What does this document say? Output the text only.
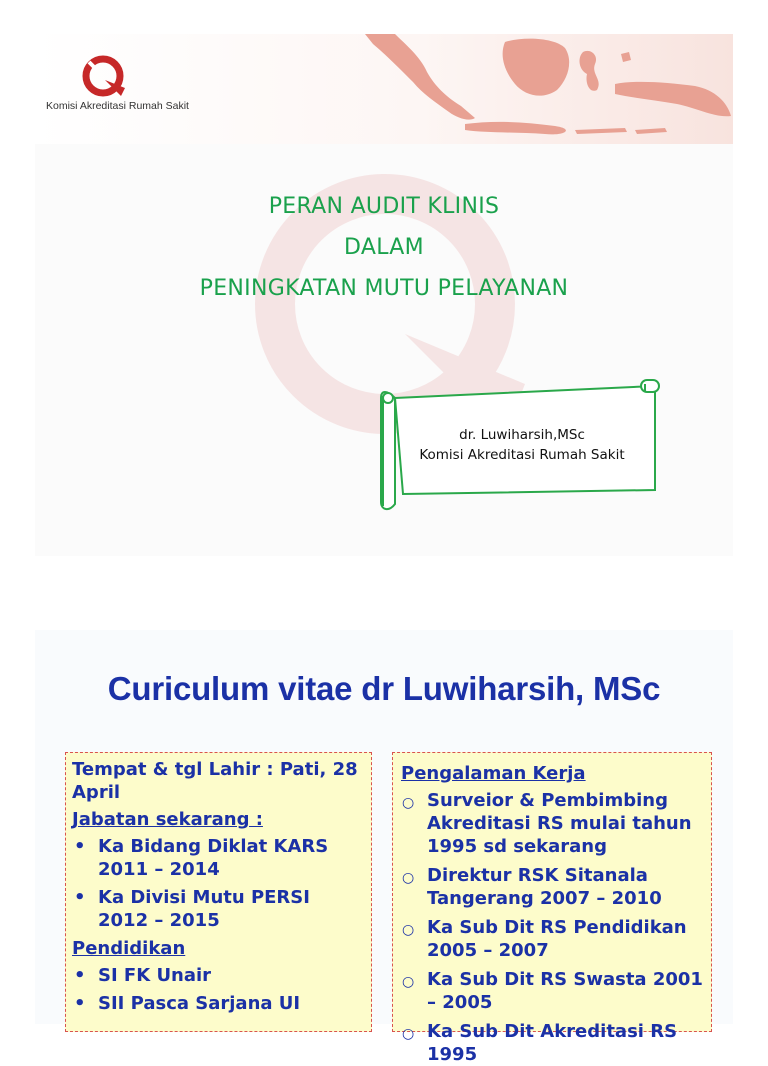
Komisi Akreditasi Rumah Sakit
PERAN AUDIT KLINIS
DALAM
PENINGKATAN MUTU PELAYANAN
dr. Luwiharsih,MSc
Komisi Akreditasi Rumah Sakit
Curiculum vitae dr Luwiharsih, MSc
Tempat & tgl Lahir : Pati, 28 April
Jabatan sekarang :
• Ka Bidang Diklat KARS 2011 – 2014
• Ka Divisi Mutu PERSI 2012 – 2015
Pendidikan
• SI FK Unair
• SII Pasca Sarjana UI
Pengalaman Kerja
○ Surveior & Pembimbing Akreditasi RS mulai tahun 1995 sd sekarang
○ Direktur RSK Sitanala Tangerang 2007 – 2010
○ Ka Sub Dit RS Pendidikan 2005 – 2007
○ Ka Sub Dit RS Swasta 2001 – 2005
○ Ka Sub Dit Akreditasi RS 1995
